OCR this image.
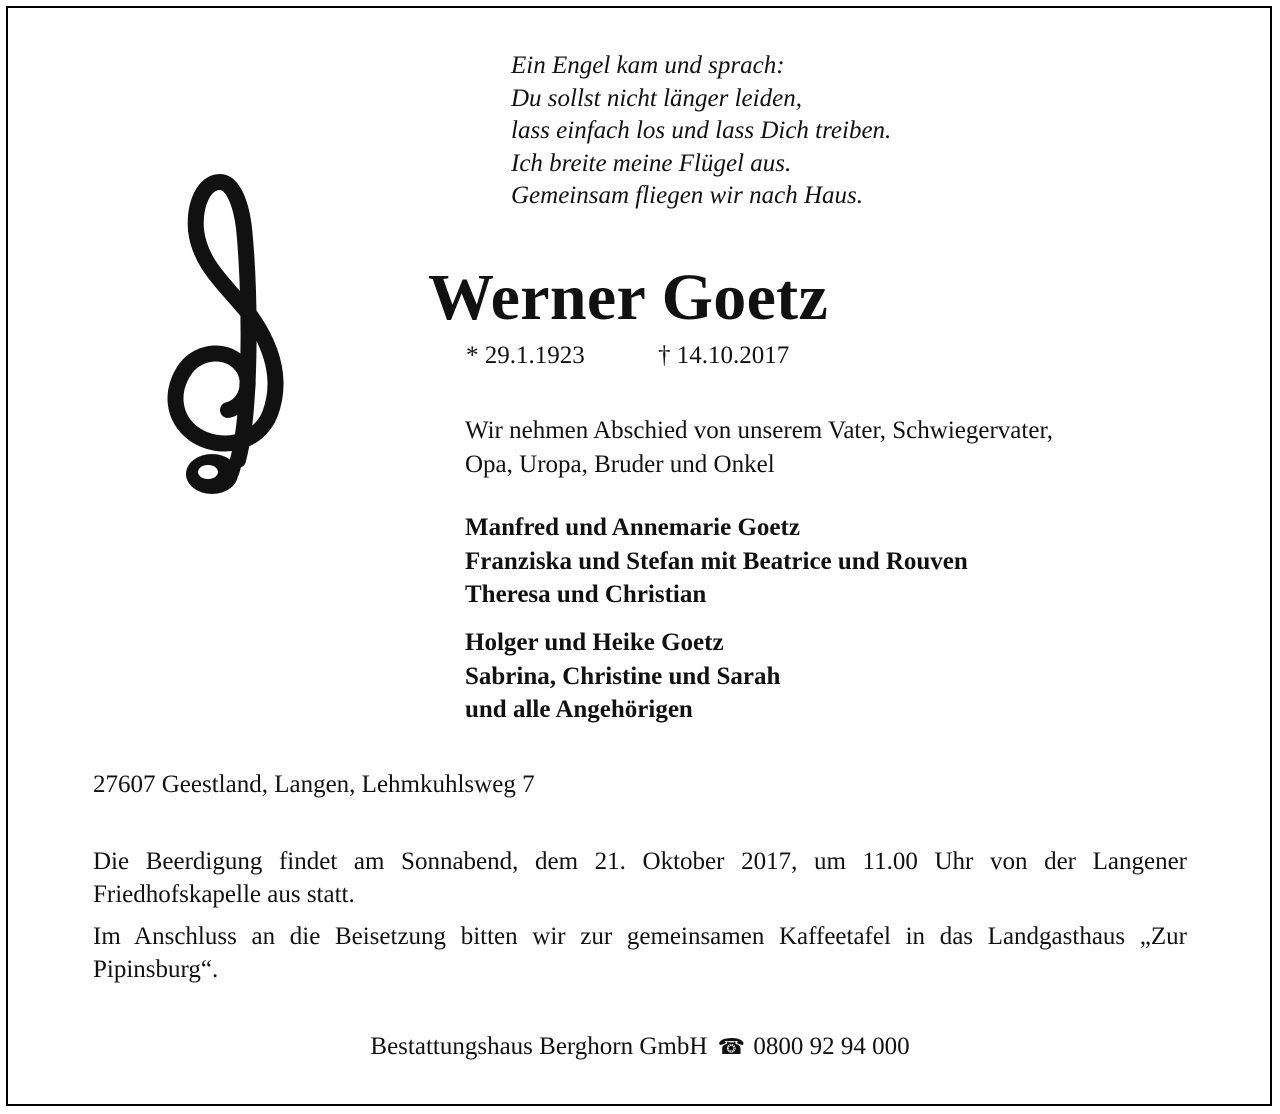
Ein Engel kam und sprach:
Du sollst nicht länger leiden,
lass einfach los und lass Dich treiben.
Ich breite meine Flügel aus.
Gemeinsam fliegen wir nach Haus.
Werner Goetz
* 29.1.1923	† 14.10.2017
Wir nehmen Abschied von unserem Vater, Schwiegervater,
Opa, Uropa, Bruder und Onkel
Manfred und Annemarie Goetz
Franziska und Stefan mit Beatrice und Rouven
Theresa und Christian
Holger und Heike Goetz
Sabrina, Christine und Sarah
und alle Angehörigen
27607 Geestland, Langen, Lehmkuhlsweg 7

Die Beerdigung findet am Sonnabend, dem 21. Oktober 2017, um 11.00 Uhr von der Langener Friedhofskapelle aus statt.

Im Anschluss an die Beisetzung bitten wir zur gemeinsamen Kaffeetafel in das Landgasthaus „Zur Pipinsburg“.

Bestattungshaus Berghorn GmbH ☎ 0800 92 94 000
